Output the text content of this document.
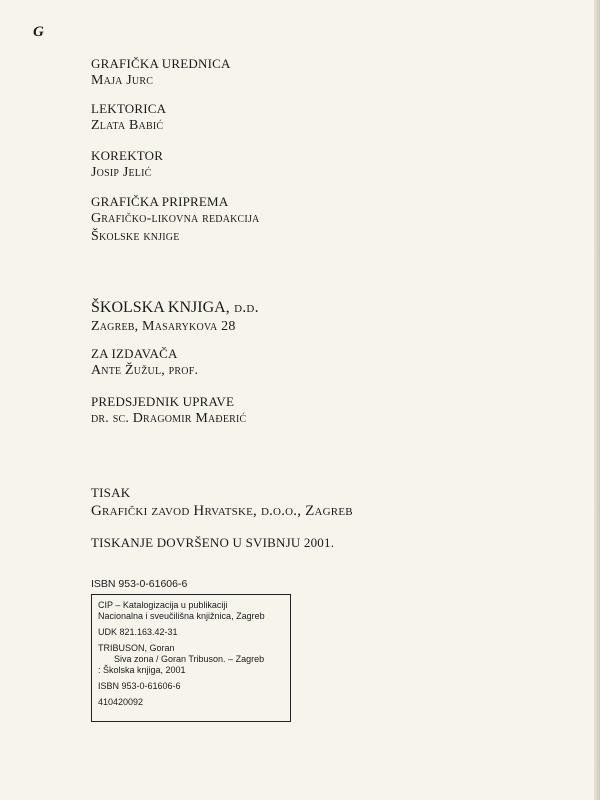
G
GRAFIČKA UREDNICA
Maja Jurc
LEKTORICA
Zlata Babić
KOREKTOR
Josip Jelić
GRAFIČKA PRIPREMA
Grafičko-likovna redakcija
Školske knjige
ŠKOLSKA KNJIGA, d.d.
Zagreb, Masarykova 28
ZA IZDAVAČA
Ante Žužul, prof.
PREDSJEDNIK UPRAVE
dr. sc. Dragomir Mađerić
TISAK
Grafički zavod Hrvatske, d.o.o., Zagreb
TISKANJE DOVRŠENO U SVIBNJU 2001.
ISBN 953-0-61606-6
CIP – Katalogizacija u publikaciji
Nacionalna i sveučilišna knjižnica, Zagreb
UDK 821.163.42-31
TRIBUSON, Goran
Siva zona / Goran Tribuson. – Zagreb
: Školska knjiga, 2001
ISBN 953-0-61606-6
410420092
